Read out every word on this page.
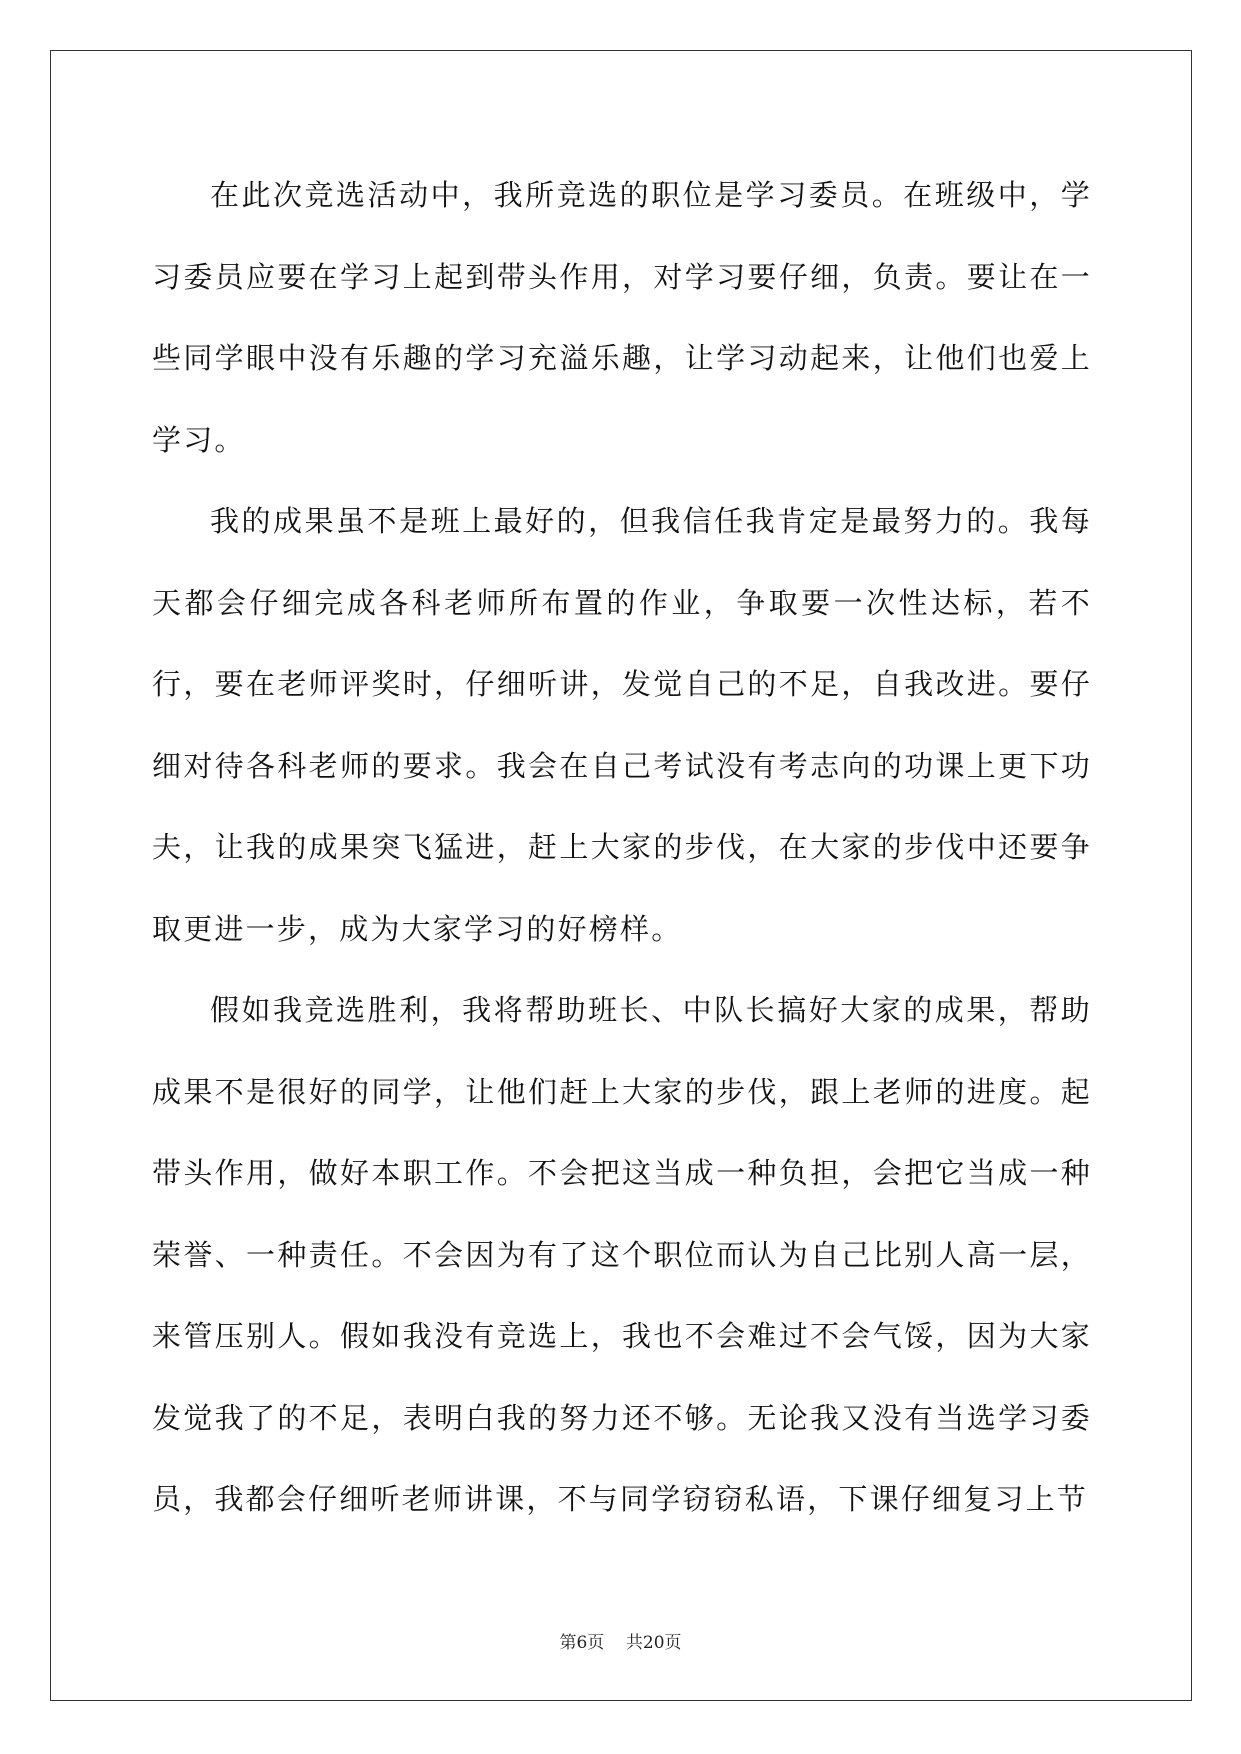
在此次竞选活动中，我所竞选的职位是学习委员。在班级中，学习委员应要在学习上起到带头作用，对学习要仔细，负责。要让在一些同学眼中没有乐趣的学习充溢乐趣，让学习动起来，让他们也爱上学习。

我的成果虽不是班上最好的，但我信任我肯定是最努力的。我每天都会仔细完成各科老师所布置的作业，争取要一次性达标，若不行，要在老师评奖时，仔细听讲，发觉自己的不足，自我改进。要仔细对待各科老师的要求。我会在自己考试没有考志向的功课上更下功夫，让我的成果突飞猛进，赶上大家的步伐，在大家的步伐中还要争取更进一步，成为大家学习的好榜样。

假如我竞选胜利，我将帮助班长、中队长搞好大家的成果，帮助成果不是很好的同学，让他们赶上大家的步伐，跟上老师的进度。起带头作用，做好本职工作。不会把这当成一种负担，会把它当成一种荣誉、一种责任。不会因为有了这个职位而认为自己比别人高一层，来管压别人。假如我没有竞选上，我也不会难过不会气馁，因为大家发觉我了的不足，表明白我的努力还不够。无论我又没有当选学习委员，我都会仔细听老师讲课，不与同学窃窃私语，下课仔细复习上节

第6页    共20页
